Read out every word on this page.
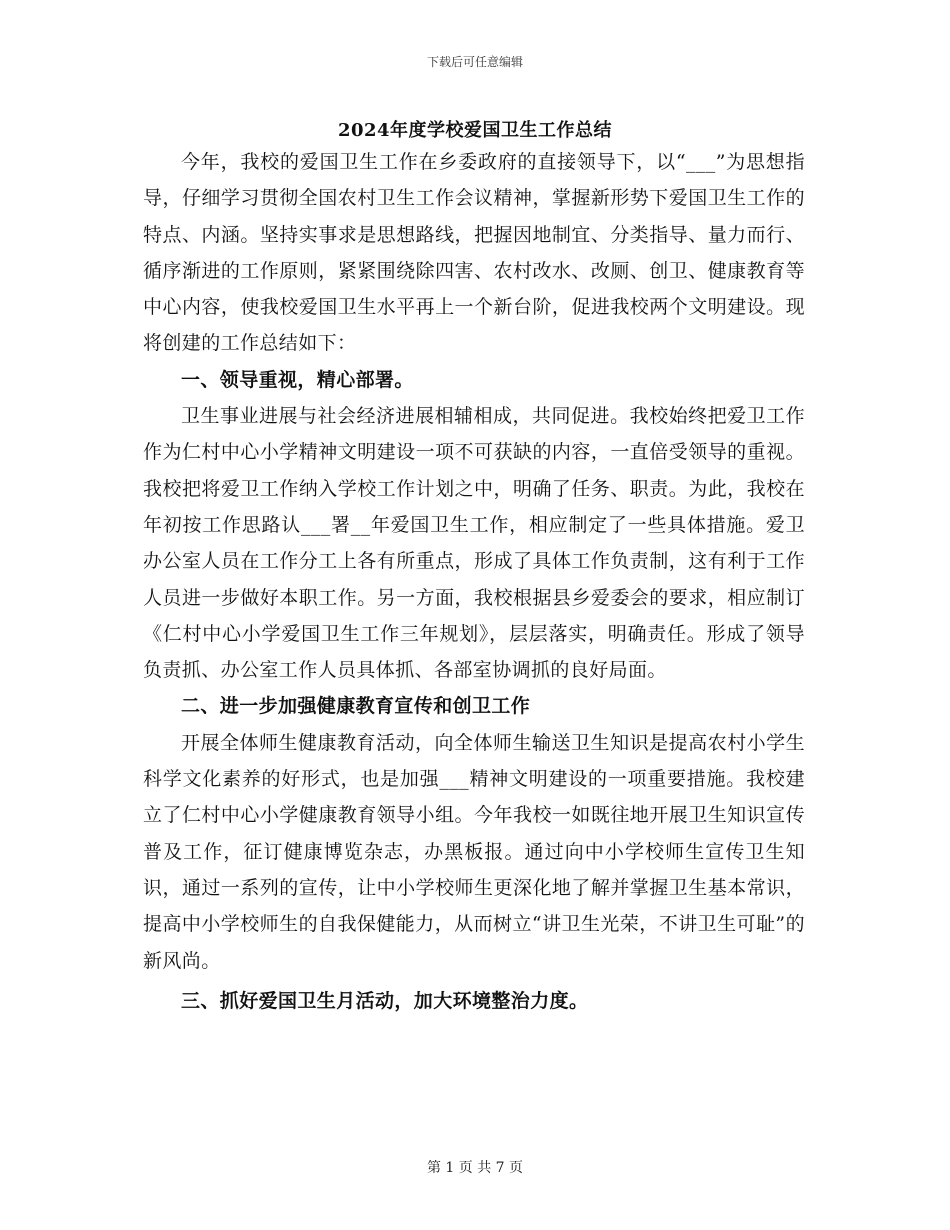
下载后可任意编辑
2024年度学校爱国卫生工作总结

今年，我校的爱国卫生工作在乡委政府的直接领导下，以“___”为思想指导，仔细学习贯彻全国农村卫生工作会议精神，掌握新形势下爱国卫生工作的特点、内涵。坚持实事求是思想路线，把握因地制宜、分类指导、量力而行、循序渐进的工作原则，紧紧围绕除四害、农村改水、改厕、创卫、健康教育等中心内容，使我校爱国卫生水平再上一个新台阶，促进我校两个文明建设。现将创建的工作总结如下：

一、领导重视，精心部署。

卫生事业进展与社会经济进展相辅相成，共同促进。我校始终把爱卫工作作为仁村中心小学精神文明建设一项不可获缺的内容，一直倍受领导的重视。我校把将爱卫工作纳入学校工作计划之中，明确了任务、职责。为此，我校在年初按工作思路认___署__年爱国卫生工作，相应制定了一些具体措施。爱卫办公室人员在工作分工上各有所重点，形成了具体工作负责制，这有利于工作人员进一步做好本职工作。另一方面，我校根据县乡爱委会的要求，相应制订《仁村中心小学爱国卫生工作三年规划》，层层落实，明确责任。形成了领导负责抓、办公室工作人员具体抓、各部室协调抓的良好局面。

二、进一步加强健康教育宣传和创卫工作

开展全体师生健康教育活动，向全体师生输送卫生知识是提高农村小学生科学文化素养的好形式，也是加强___精神文明建设的一项重要措施。我校建立了仁村中心小学健康教育领导小组。今年我校一如既往地开展卫生知识宣传普及工作，征订健康博览杂志，办黑板报。通过向中小学校师生宣传卫生知识，通过一系列的宣传，让中小学校师生更深化地了解并掌握卫生基本常识，提高中小学校师生的自我保健能力，从而树立“讲卫生光荣，不讲卫生可耻”的新风尚。

三、抓好爱国卫生月活动，加大环境整治力度。
第 1 页 共 7 页
